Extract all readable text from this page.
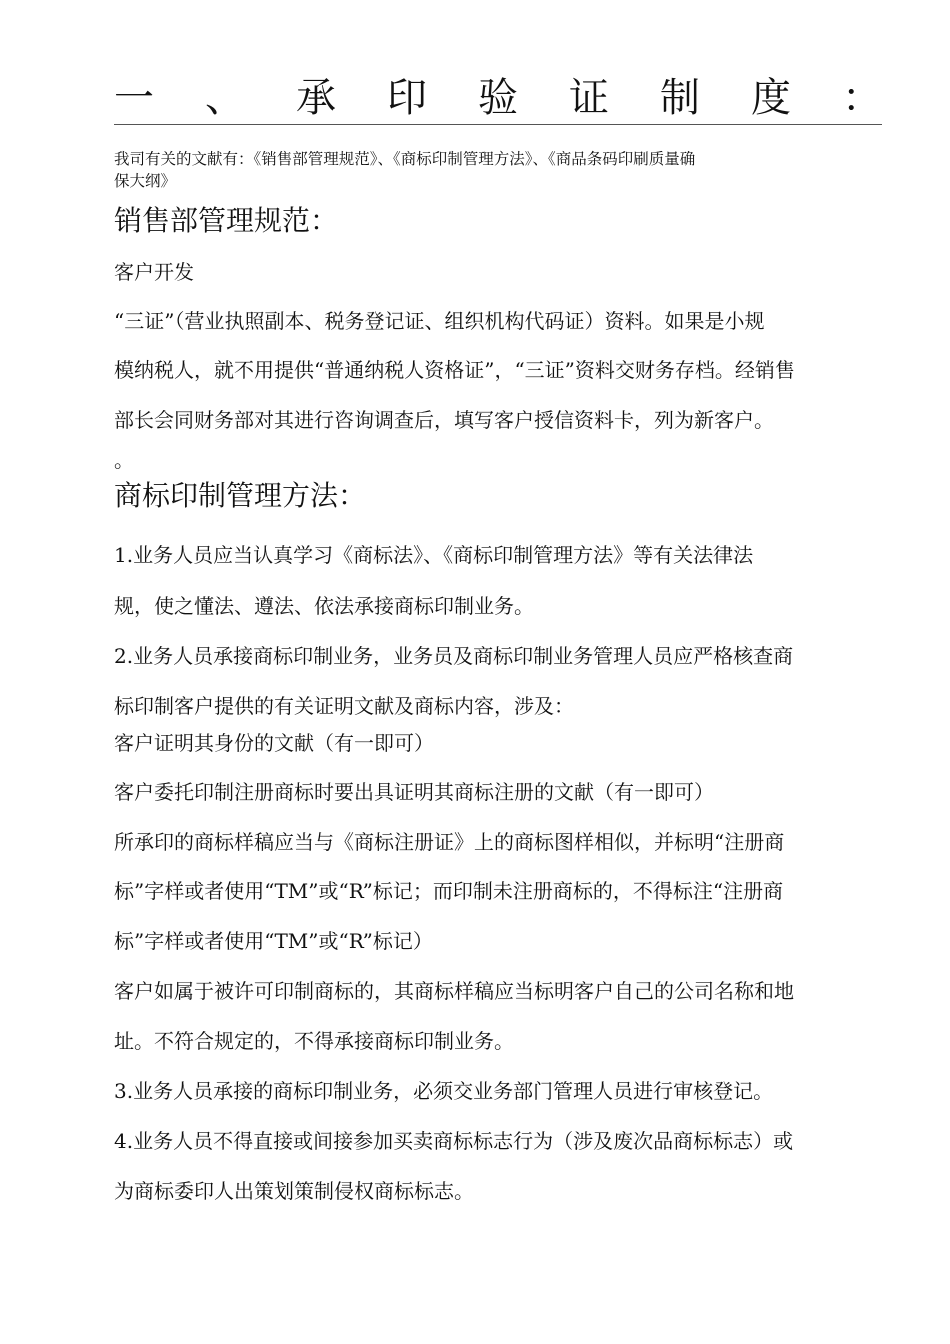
一 、 承 印 验 证 制 度 ：
我司有关的文献有：《销售部管理规范》、《商标印制管理方法》、《商品条码印刷质量确
保大纲》
销售部管理规范：
客户开发
“三证”（营业执照副本、税务登记证、组织机构代码证）资料。如果是小规
模纳税人，就不用提供“普通纳税人资格证”，“三证”资料交财务存档。经销售
部长会同财务部对其进行咨询调查后，填写客户授信资料卡，列为新客户。
。
商标印制管理方法：
1.业务人员应当认真学习《商标法》、《商标印制管理方法》等有关法律法
规，使之懂法、遵法、依法承接商标印制业务。
2.业务人员承接商标印制业务，业务员及商标印制业务管理人员应严格核查商
标印制客户提供的有关证明文献及商标内容，涉及：
客户证明其身份的文献（有一即可）
客户委托印制注册商标时要出具证明其商标注册的文献（有一即可）
所承印的商标样稿应当与《商标注册证》上的商标图样相似，并标明“注册商
标”字样或者使用“TM”或“R”标记；而印制未注册商标的，不得标注“注册商
标”字样或者使用“TM”或“R”标记）
客户如属于被许可印制商标的，其商标样稿应当标明客户自己的公司名称和地
址。不符合规定的，不得承接商标印制业务。
3.业务人员承接的商标印制业务，必须交业务部门管理人员进行审核登记。
4.业务人员不得直接或间接参加买卖商标标志行为（涉及废次品商标标志）或
为商标委印人出策划策制侵权商标标志。
